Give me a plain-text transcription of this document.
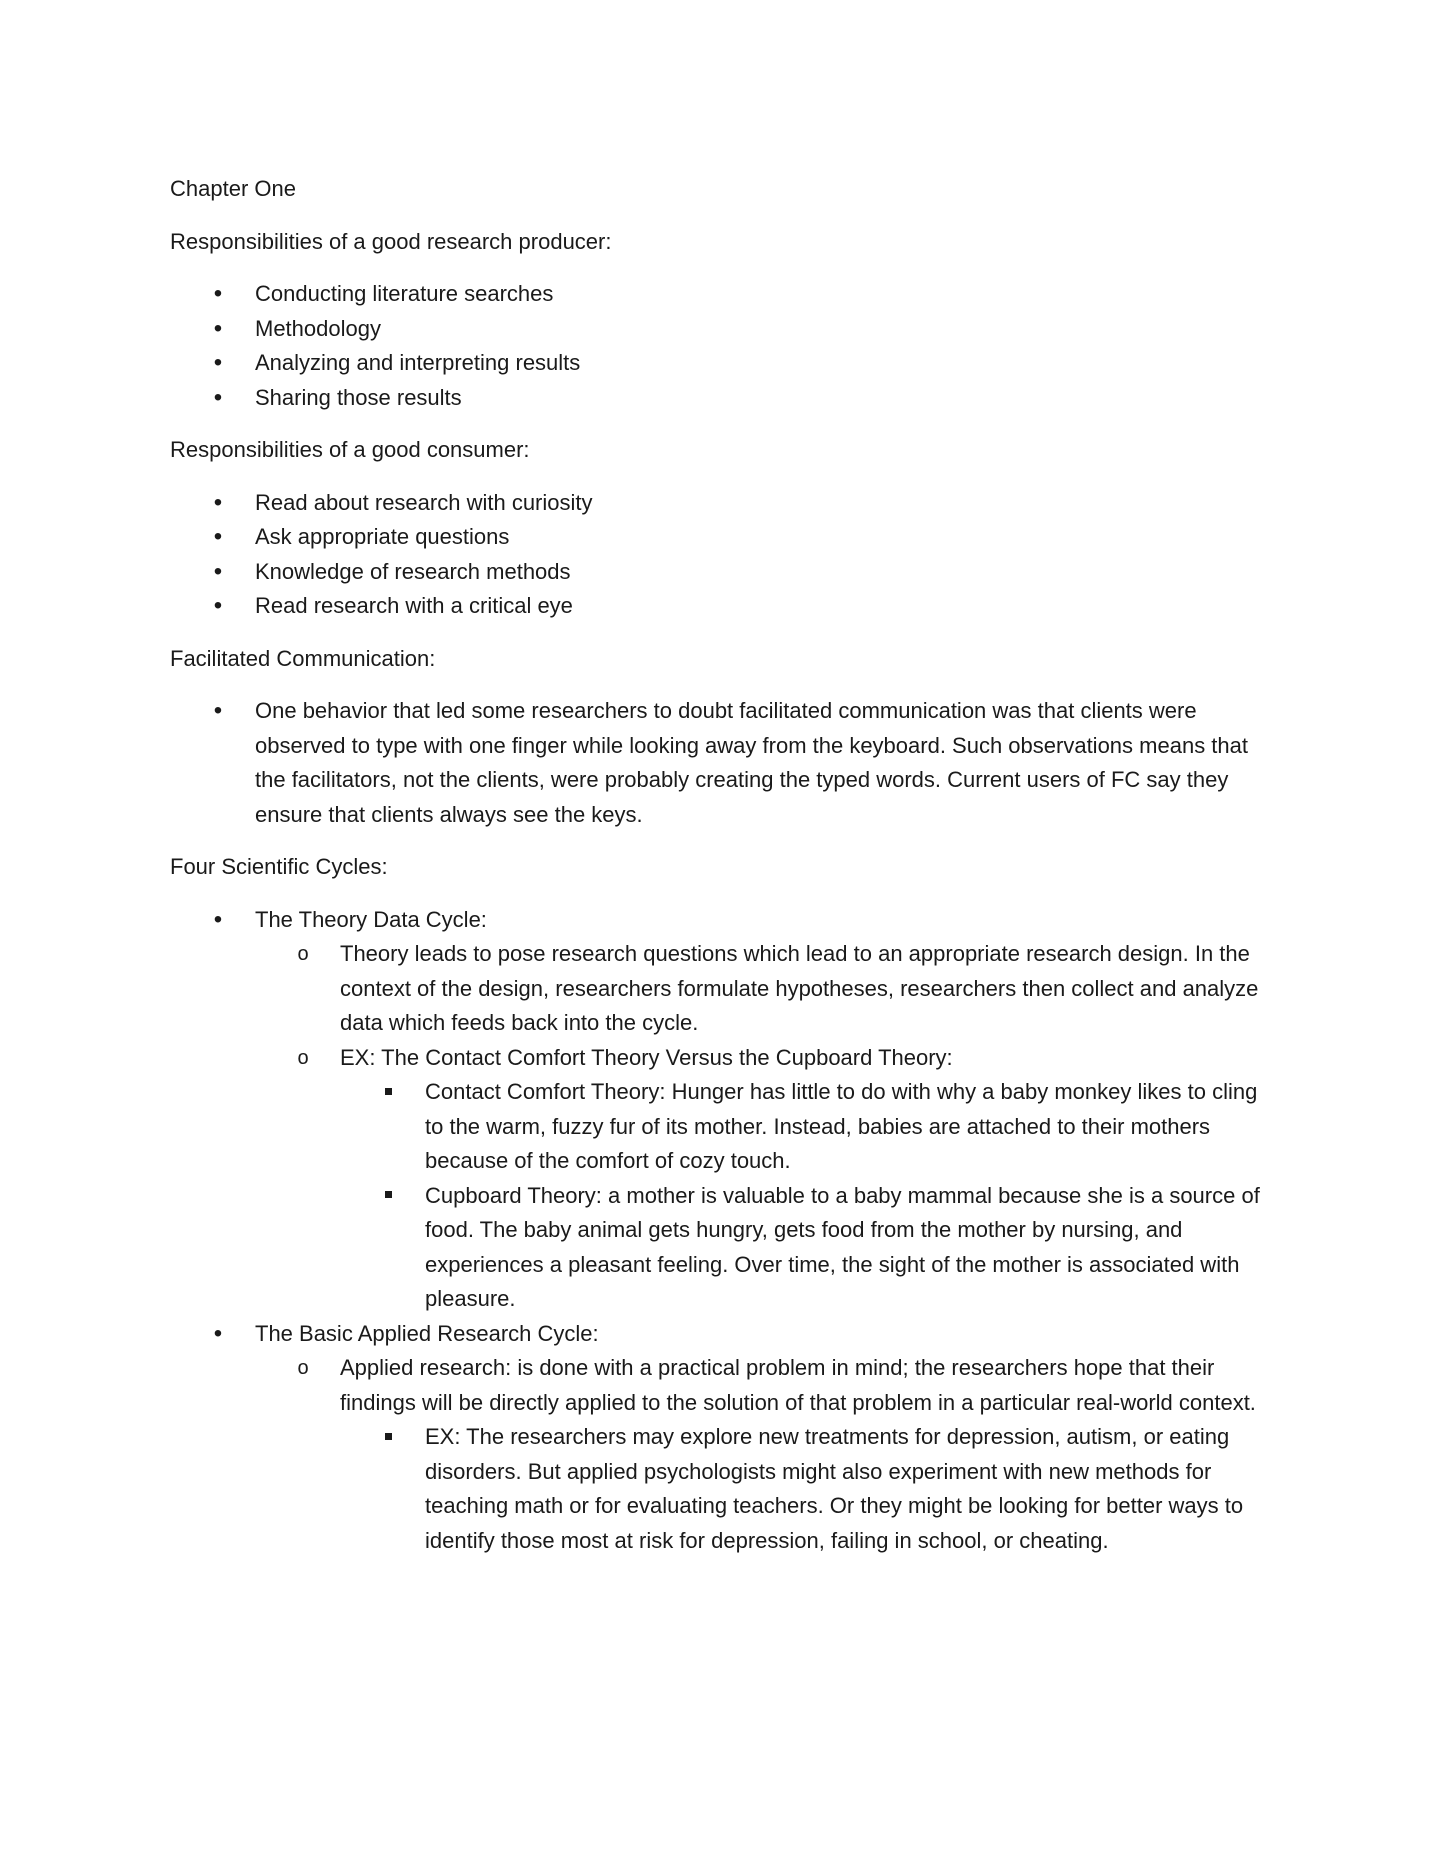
Chapter One

Responsibilities of a good research producer:

•
Conducting literature searches
•
Methodology
•
Analyzing and interpreting results
•
Sharing those results

Responsibilities of a good consumer:

•
Read about research with curiosity
•
Ask appropriate questions
•
Knowledge of research methods
•
Read research with a critical eye

Facilitated Communication:

•
One behavior that led some researchers to doubt facilitated communication was that clients were observed to type with one finger while looking away from the keyboard. Such observations means that the facilitators, not the clients, were probably creating the typed words. Current users of FC say they ensure that clients always see the keys.

Four Scientific Cycles:

•
The Theory Data Cycle:
o Theory leads to pose research questions which lead to an appropriate research design. In the context of the design, researchers formulate hypotheses, researchers then collect and analyze data which feeds back into the cycle.
o EX: The Contact Comfort Theory Versus the Cupboard Theory:
Contact Comfort Theory: Hunger has little to do with why a baby monkey likes to cling to the warm, fuzzy fur of its mother. Instead, babies are attached to their mothers because of the comfort of cozy touch.
Cupboard Theory: a mother is valuable to a baby mammal because she is a source of food. The baby animal gets hungry, gets food from the mother by nursing, and experiences a pleasant feeling. Over time, the sight of the mother is associated with pleasure.
•
The Basic Applied Research Cycle:
o Applied research: is done with a practical problem in mind; the researchers hope that their findings will be directly applied to the solution of that problem in a particular real-world context.
EX: The researchers may explore new treatments for depression, autism, or eating disorders. But applied psychologists might also experiment with new methods for teaching math or for evaluating teachers. Or they might be looking for better ways to identify those most at risk for depression, failing in school, or cheating.
